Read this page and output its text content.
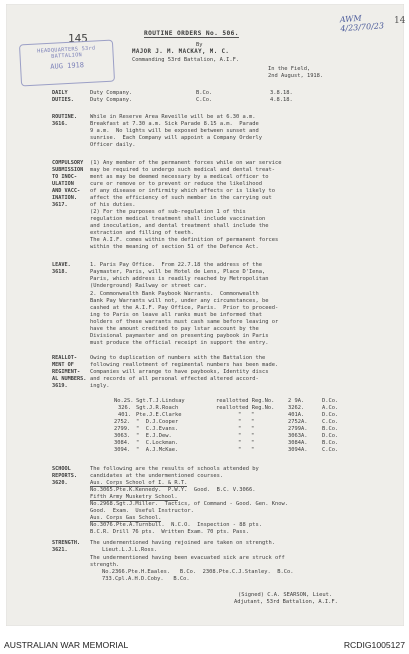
145
HEADQUARTERS 53rd BATTALION
AUG 1918
AWM 4/23/70/23
14
ROUTINE ORDERS No. 506.
By
MAJOR J. M. MACKAY, M. C.
Commanding 53rd Battalion, A.I.F.
In the Field,
2nd August, 1918.
DAILY	Duty Company.	B.Co.	3.8.18.
DUTIES.	Duty Company.	C.Co.	4.8.18.
ROUTINE.
3616.
While in Reserve Area Reveille will be at 6.30 a.m.
Breakfast at 7.30 a.m. Sick Parade 8.15 a.m.  Parade
9 a.m.  No lights will be exposed between sunset and
sunrise.  Each Company will appoint a Company Orderly
Officer daily.
COMPULSORY
SUBMISSION
TO INOC-
ULATION
AND VACC-
INATION.
3617.
(1) Any member of the permanent forces while on war service
may be required to undergo such medical and dental treat-
ment as may be deemed necessary by a medical officer to
cure or remove or to prevent or reduce the likelihood
of any disease or infirmity which affects or is likely to
affect the efficiency of such member in the carrying out
of his duties.
(2) For the purposes of sub-regulation 1 of this
regulation medical treatment shall include vaccination
and inoculation, and dental treatment shall include the
extraction and filling of teeth.
The A.I.F. comes within the definition of permanent forces
within the meaning of section 51 of the Defence Act.
LEAVE.
3618.
1. Paris Pay Office.  From 22.7.18 the address of the
Paymaster, Paris, will be Hotel de Lens, Place D'Iena,
Paris, which address is readily reached by Metropolitan
(Underground) Railway or street car.
2. Commonwealth Bank Paybook Warrants.  Commonwealth
Bank Pay Warrants will not, under any circumstances, be
cashed at the A.I.F. Pay Office, Paris.  Prior to proceed-
ing to Paris on leave all ranks must be informed that
holders of these warrants must cash same before leaving or
have the amount credited to pay lstar account by the
Divisional paymaster and on presenting paybook in Paris
must produce the official receipt in support the entry.
REALLOT-
MENT OF
REGIMENT-
AL NUMBERS.
3619.
Owing to duplication of numbers with the Battalion the
following reallotment of regimental numbers has been made.
Companies will arrange to have paybooks, Identity discs
and records of all personal effected altered accord-
ingly.
No.2S. Sgt.T.J.Lindsay	reallotted Reg.No.	2 9A.	D.Co.
326. Sgt.J.R.Roach	reallotted Reg.No.	3262.	A.Co.
401. Pte.J.E.Clarke	"   "	401A.	D.Co.
2752. "  D.J.Cooper	"   "	2752A.	C.Co.
2799. "  C.J.Evans.	"   "	2799A.	B.Co.
3063. "  E.J.Dew.	"   "	3063A.	D.Co.
3084. "  C.Lockman.	"   "	3084A.	B.Co.
3094. "  A.J.McKae.	"   "	3094A.	C.Co.
SCHOOL
REPORTS.
3620.
The following are the results of schools attended by
candidates at the undermentioned courses.
Aus. Corps School of I. & R.T.
No.3065.Pte.K.Kennedy.  P.W.Y.  Good.  B.C. V.3066.
Fifth Army Musketry School.
No.2968.Sgt.J.Miller.  Tactics, of Command - Good. Gen. Know.
Good.  Exam.  Useful Instructor.
Aus. Corps Gas School.
No.3076.Pte.A.Turnbull.  N.C.O.  Inspection - 88 pts.
B.C.R. Drill 76 pts.  Written Exam. 70 pts. Pass.
STRENGTH.
3621.
The undermentioned having rejoined are taken on strength.
Lieut.L.J.L.Ross.
The undermentioned having been evacuated sick are struck off
strength.
No.2366.Pte.H.Eaales.   B.Co.  2308.Pte.C.J.Stanley.  B.Co.
733.Cpl.A.H.D.Coby.   B.Co.
(Signed) C.A. SEARSON, Lieut.
Adjutant, 53rd Battalion, A.I.F.
AUSTRALIAN WAR MEMORIAL	RCDIG1005127
